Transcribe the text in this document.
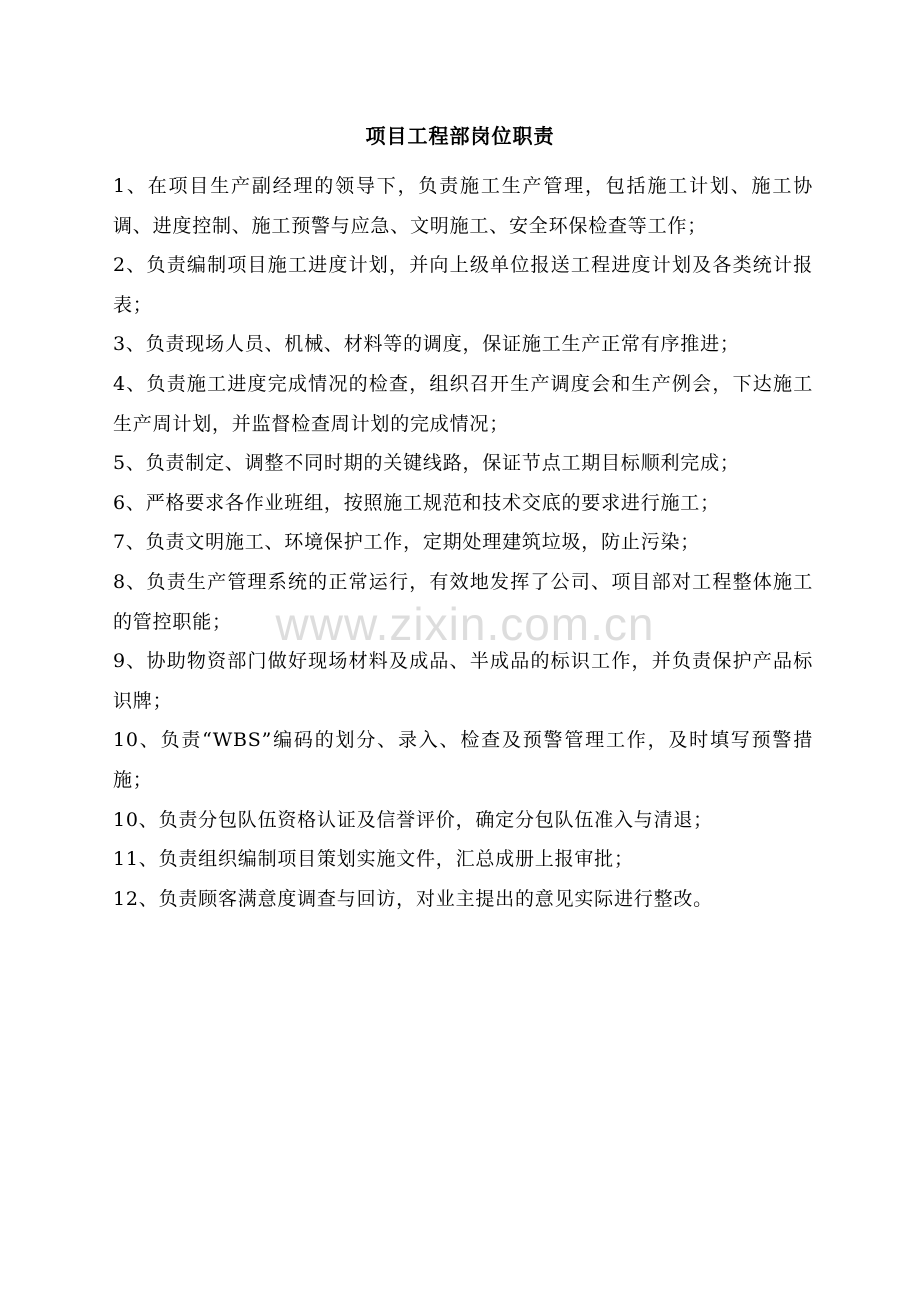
项目工程部岗位职责

1、在项目生产副经理的领导下，负责施工生产管理，包括施工计划、施工协调、进度控制、施工预警与应急、文明施工、安全环保检查等工作；

2、负责编制项目施工进度计划，并向上级单位报送工程进度计划及各类统计报表；

3、负责现场人员、机械、材料等的调度，保证施工生产正常有序推进；

4、负责施工进度完成情况的检查，组织召开生产调度会和生产例会，下达施工生产周计划，并监督检查周计划的完成情况；

5、负责制定、调整不同时期的关键线路，保证节点工期目标顺利完成；

6、严格要求各作业班组，按照施工规范和技术交底的要求进行施工；

7、负责文明施工、环境保护工作，定期处理建筑垃圾，防止污染；

8、负责生产管理系统的正常运行，有效地发挥了公司、项目部对工程整体施工的管控职能；

9、协助物资部门做好现场材料及成品、半成品的标识工作，并负责保护产品标识牌；

10、负责“WBS”编码的划分、录入、检查及预警管理工作，及时填写预警措施；

10、负责分包队伍资格认证及信誉评价，确定分包队伍准入与清退；

11、负责组织编制项目策划实施文件，汇总成册上报审批；

12、负责顾客满意度调查与回访，对业主提出的意见实际进行整改。

www.zixin.com.cn
